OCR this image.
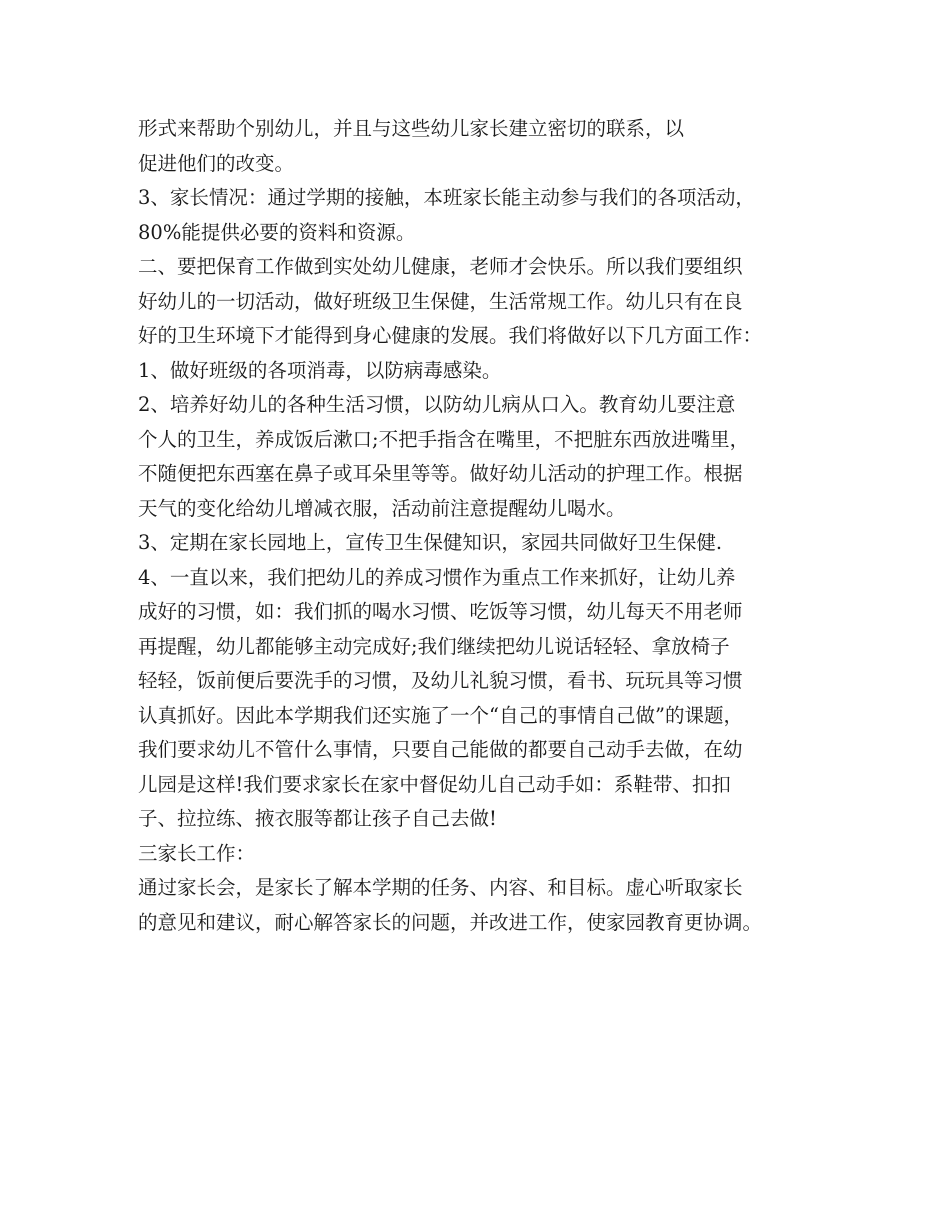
形式来帮助个别幼儿，并且与这些幼儿家长建立密切的联系，以
促进他们的改变。
3、家长情况：通过学期的接触，本班家长能主动参与我们的各项活动，
80%能提供必要的资料和资源。
二、要把保育工作做到实处幼儿健康，老师才会快乐。所以我们要组织
好幼儿的一切活动，做好班级卫生保健，生活常规工作。幼儿只有在良
好的卫生环境下才能得到身心健康的发展。我们将做好以下几方面工作：
1、做好班级的各项消毒，以防病毒感染。
2、培养好幼儿的各种生活习惯，以防幼儿病从口入。教育幼儿要注意
个人的卫生，养成饭后漱口;不把手指含在嘴里，不把脏东西放进嘴里，
不随便把东西塞在鼻子或耳朵里等等。做好幼儿活动的护理工作。根据
天气的变化给幼儿增减衣服，活动前注意提醒幼儿喝水。
3、定期在家长园地上，宣传卫生保健知识，家园共同做好卫生保健.
4、一直以来，我们把幼儿的养成习惯作为重点工作来抓好，让幼儿养
成好的习惯，如：我们抓的喝水习惯、吃饭等习惯，幼儿每天不用老师
再提醒，幼儿都能够主动完成好;我们继续把幼儿说话轻轻、拿放椅子
轻轻，饭前便后要洗手的习惯，及幼儿礼貌习惯，看书、玩玩具等习惯
认真抓好。因此本学期我们还实施了一个“自己的事情自己做”的课题，
我们要求幼儿不管什么事情，只要自己能做的都要自己动手去做，在幼
儿园是这样!我们要求家长在家中督促幼儿自己动手如：系鞋带、扣扣
子、拉拉练、掖衣服等都让孩子自己去做!
三家长工作：
通过家长会，是家长了解本学期的任务、内容、和目标。虚心听取家长
的意见和建议，耐心解答家长的问题，并改进工作，使家园教育更协调。
